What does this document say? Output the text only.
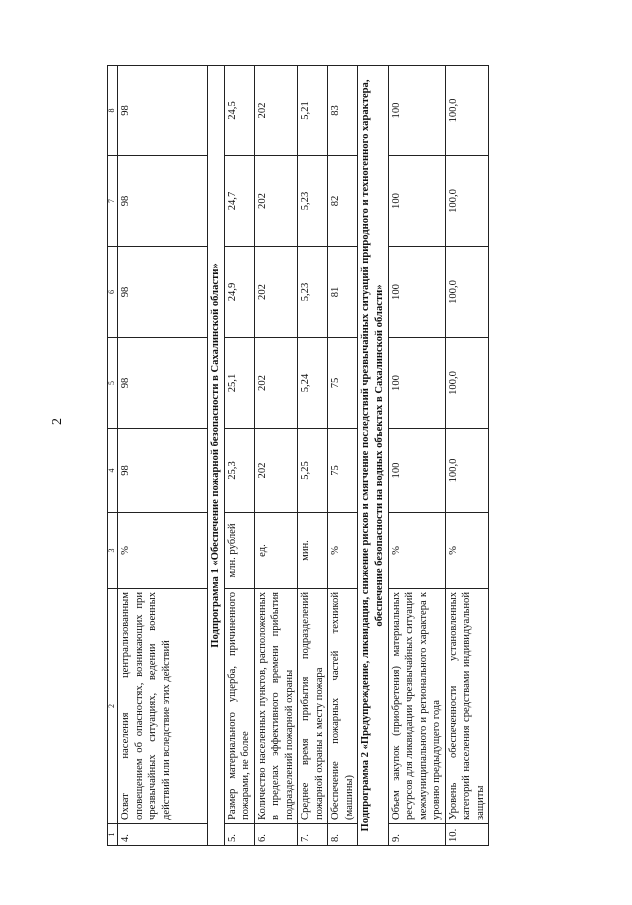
2
1	2	3	4	5	6	7	8
4.	Охват населения централизованным оповещением об опасностях, возникающих при чрезвычайных ситуациях, ведении военных действий или вследствие этих действий	%	98	98	98	98	98
Подпрограмма 1 «Обеспечение пожарной безопасности в Сахалинской области»							
5.	Размер материального ущерба, причиненного пожарами, не более	млн. рублей	25,3	25,1	24,9	24,7	24,5
6.	Количество населенных пунктов, расположенных в пределах эффективного времени прибытия подразделений пожарной охраны	ед.	202	202	202	202	202
7.	Среднее время прибытия подразделений пожарной охраны к месту пожара	мин.	5,25	5,24	5,23	5,23	5,21
8.	Обеспечение пожарных частей техникой (машины)	%	75	75	81	82	83
Подпрограмма 2 «Предупреждение, ликвидация, снижение рисков и смягчение последствий чрезвычайных ситуаций природного и техногенного характера, обеспечение безопасности на водных объектах в Сахалинской области»							
9.	Объем закупок (приобретения) материальных ресурсов для ликвидации чрезвычайных ситуаций межмуниципального и регионального характера к уровню предыдущего года	%	100	100	100	100	100
10.	Уровень обеспеченности установленных категорий населения средствами индивидуальной защиты	%	100,0	100,0	100,0	100,0	100,0
